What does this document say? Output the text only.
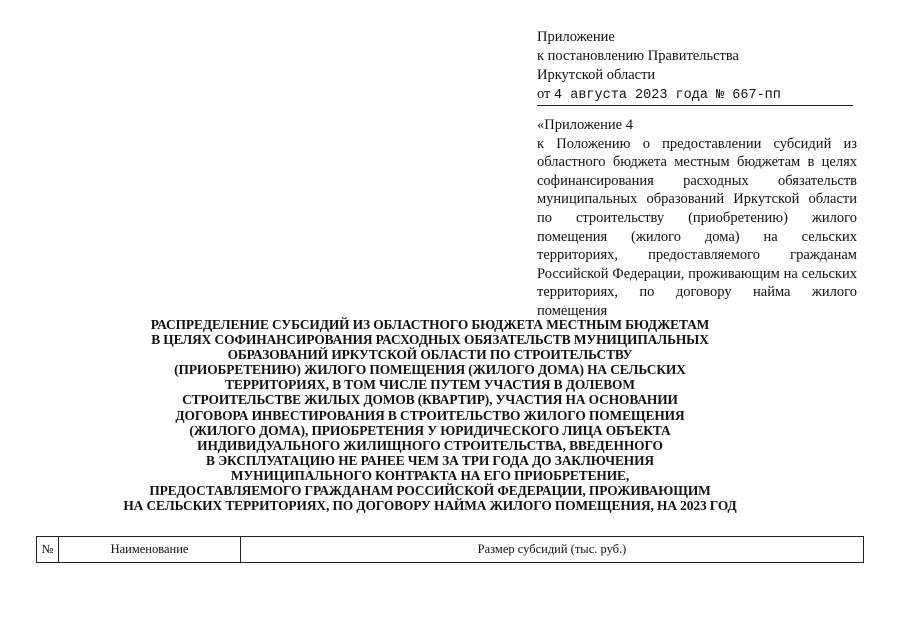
Приложение
к постановлению Правительства
Иркутской области
от 4 августа 2023 года № 667-пп
«Приложение 4
к Положению о предоставлении субсидий из областного бюджета местным бюджетам в целях софинансирования расходных обязательств муниципальных образований Иркутской области по строительству (приобретению) жилого помещения (жилого дома) на сельских территориях, предоставляемого гражданам Российской Федерации, проживающим на сельских территориях, по договору найма жилого помещения
РАСПРЕДЕЛЕНИЕ СУБСИДИЙ ИЗ ОБЛАСТНОГО БЮДЖЕТА МЕСТНЫМ БЮДЖЕТАМ
В ЦЕЛЯХ СОФИНАНСИРОВАНИЯ РАСХОДНЫХ ОБЯЗАТЕЛЬСТВ МУНИЦИПАЛЬНЫХ
ОБРАЗОВАНИЙ ИРКУТСКОЙ ОБЛАСТИ ПО СТРОИТЕЛЬСТВУ
(ПРИОБРЕТЕНИЮ) ЖИЛОГО ПОМЕЩЕНИЯ (ЖИЛОГО ДОМА) НА СЕЛЬСКИХ
ТЕРРИТОРИЯХ, В ТОМ ЧИСЛЕ ПУТЕМ УЧАСТИЯ В ДОЛЕВОМ
СТРОИТЕЛЬСТВЕ ЖИЛЫХ ДОМОВ (КВАРТИР), УЧАСТИЯ НА ОСНОВАНИИ
ДОГОВОРА ИНВЕСТИРОВАНИЯ В СТРОИТЕЛЬСТВО ЖИЛОГО ПОМЕЩЕНИЯ
(ЖИЛОГО ДОМА), ПРИОБРЕТЕНИЯ У ЮРИДИЧЕСКОГО ЛИЦА ОБЪЕКТА
ИНДИВИДУАЛЬНОГО ЖИЛИЩНОГО СТРОИТЕЛЬСТВА, ВВЕДЕННОГО
В ЭКСПЛУАТАЦИЮ НЕ РАНЕЕ ЧЕМ ЗА ТРИ ГОДА ДО ЗАКЛЮЧЕНИЯ
МУНИЦИПАЛЬНОГО КОНТРАКТА НА ЕГО ПРИОБРЕТЕНИЕ,
ПРЕДОСТАВЛЯЕМОГО ГРАЖДАНАМ РОССИЙСКОЙ ФЕДЕРАЦИИ, ПРОЖИВАЮЩИМ
НА СЕЛЬСКИХ ТЕРРИТОРИЯХ, ПО ДОГОВОРУ НАЙМА ЖИЛОГО ПОМЕЩЕНИЯ, НА 2023 ГОД
№	Наименование	Размер субсидий (тыс. руб.)
